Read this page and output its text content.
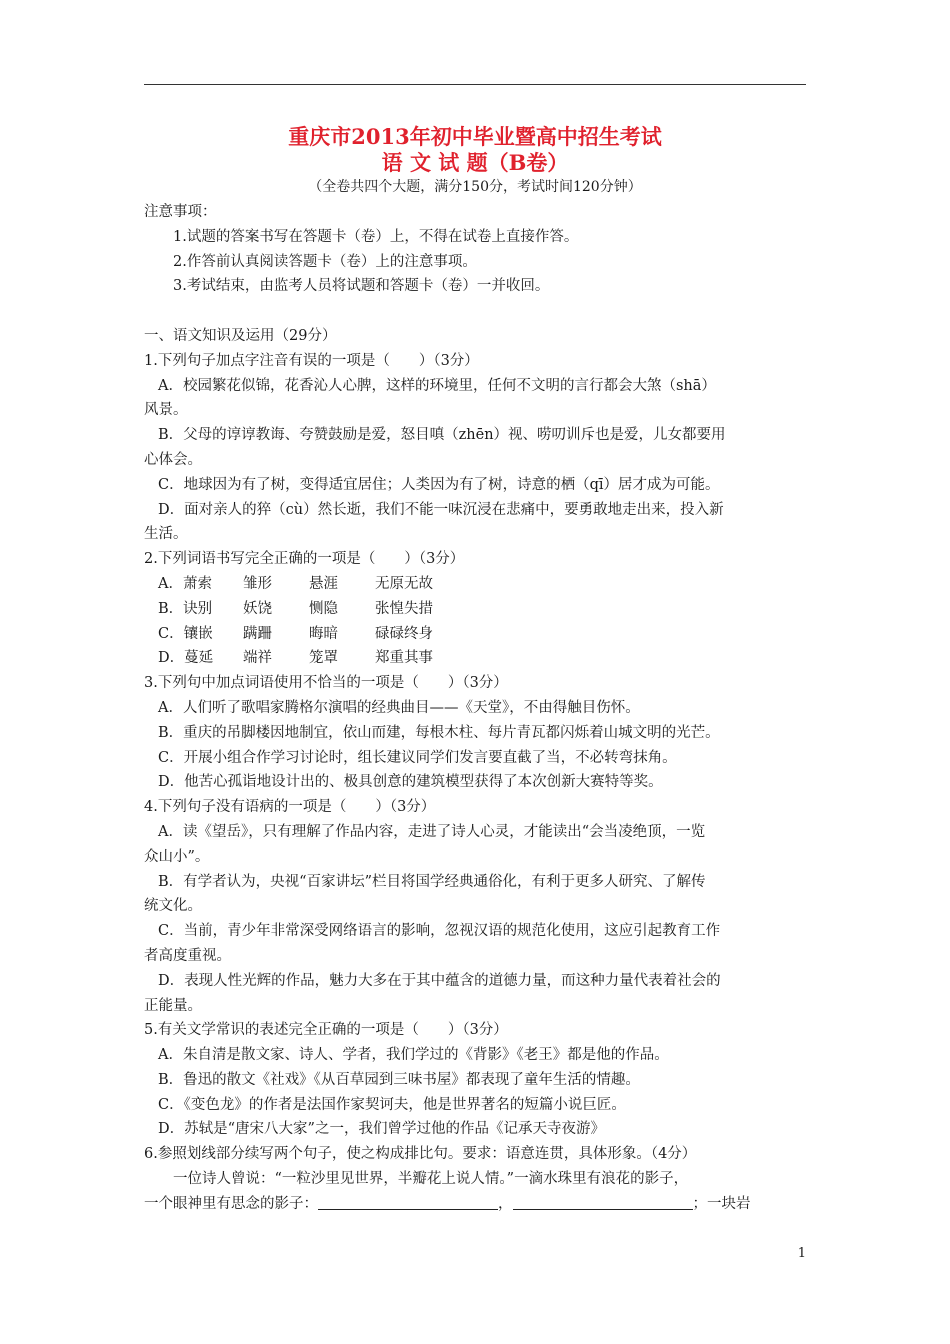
重庆市2013年初中毕业暨高中招生考试
语 文 试 题（B卷）
（全卷共四个大题，满分150分，考试时间120分钟）
注意事项：
1.试题的答案书写在答题卡（卷）上，不得在试卷上直接作答。
2.作答前认真阅读答题卡（卷）上的注意事项。
3.考试结束，由监考人员将试题和答题卡（卷）一并收回。
一、语文知识及运用（29分）
1.下列句子加点字注音有误的一项是（　　）（3分）
A．校园繁花似锦，花香沁人心脾，这样的环境里，任何不文明的言行都会大煞（shā）
风景。
B．父母的谆谆教诲、夸赞鼓励是爱，怒目嗔（zhēn）视、唠叨训斥也是爱，儿女都要用
心体会。
C．地球因为有了树，变得适宜居住；人类因为有了树，诗意的栖（qī）居才成为可能。
D．面对亲人的猝（cù）然长逝，我们不能一味沉浸在悲痛中，要勇敢地走出来，投入新
生活。
2.下列词语书写完全正确的一项是（　　）（3分）
A．萧索 雏形	悬涯	无原无故
B．诀别 妖饶	恻隐	张惶失措
C．镶嵌 蹒跚	晦暗	碌碌终身
D．蔓延 端祥	笼罩	郑重其事
3.下列句中加点词语使用不恰当的一项是（　　）（3分）
A．人们听了歌唱家腾格尔演唱的经典曲目——《天堂》，不由得触目伤怀。
B．重庆的吊脚楼因地制宜，依山而建，每根木柱、每片青瓦都闪烁着山城文明的光芒。
C．开展小组合作学习讨论时，组长建议同学们发言要直截了当，不必转弯抹角。
D．他苦心孤诣地设计出的、极具创意的建筑模型获得了本次创新大赛特等奖。
4.下列句子没有语病的一项是（　　）（3分）
A．读《望岳》，只有理解了作品内容，走进了诗人心灵，才能读出“会当凌绝顶，一览
众山小”。
B．有学者认为，央视“百家讲坛”栏目将国学经典通俗化，有利于更多人研究、了解传
统文化。
C．当前，青少年非常深受网络语言的影响，忽视汉语的规范化使用，这应引起教育工作
者高度重视。
D．表现人性光辉的作品，魅力大多在于其中蕴含的道德力量，而这种力量代表着社会的
正能量。
5.有关文学常识的表述完全正确的一项是（　　）（3分）
A．朱自清是散文家、诗人、学者，我们学过的《背影》《老王》都是他的作品。
B．鲁迅的散文《社戏》《从百草园到三味书屋》都表现了童年生活的情趣。
C．《变色龙》的作者是法国作家契诃夫，他是世界著名的短篇小说巨匠。
D．苏轼是“唐宋八大家”之一，我们曾学过他的作品《记承天寺夜游》
6.参照划线部分续写两个句子，使之构成排比句。要求：语意连贯，具体形象。（4分）
一位诗人曾说：“一粒沙里见世界，半瓣花上说人情。”一滴水珠里有浪花的影子，
一个眼神里有思念的影子：	，	；一块岩
1
